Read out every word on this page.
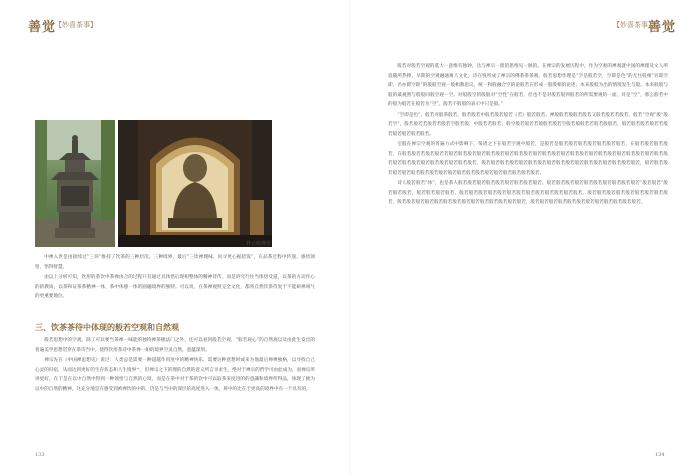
善觉
【妙喜茶事】
祥云纸佛堂

中禅入世是由接续过“三你”维持了饮茶的三种层次、三种境界。最后“三饮禅理味，问寻更心据招饭”，在品茶过程中传递、感悟领悟，悟得智慧。

由以上分析可知，饮用的茶饮中茶禅由合的过程只有通过具体悟后现相整体的精神待传。而是讲究行往当体悟受道，以茶的方动作心的的教诲，以茶和证茶茶精神一体，茶中体感一体的圆融境界的独特。可以说，在茶禅观照完全文化，都将自然饮茶待复于不能研禅闲气的更重要地位。

三、饮茶茶待中体现的般若空观和自然观

般若思想中的空观，除了可以要当茶禅一味能的独特禅茶梳法门之外，还可以看到般若空观、“般若观心”的自然观以及由此生发出的普遍美学思想贯穿在茶诗当中，使得饮用茶诗中茶禅一如的境界空灵自然、意蕴深刻。

禅宗先在《中国禅思想史》说过：人类总是需要一种超越作用度中的精神快乐，需要这种意想时或来为他最后禅禅独格，以寻找自己心灵的归宿，从而达到更好的生存状态和人生境界^，但禅宗之下的理的自然的意义所言寻求生，绝对于禅宗的哲学可由此成为，而禅宗所讲更好。在于是在以中自然中得到一种领悟与自然的心境，而是在茶中对于茶的饮中可以取茶来度进的的意識和境界所得品，体现了极为以中的自然的精神，这充分地是在感受到被禅饮的中的，仍是与当中的深层的高度进入一体，将中的比在于更高的境界中有一个具有的。

133
【妙喜茶事】
善觉

般若对般若空观的莫大一意维有独钟，达与禅宗一派的思维见一脉的。在禅宗的发展历程中，作为空观的禅观就中国的禅理及文人所追随所热捧，早期的空观融通寓人文化，诗在悦所成了禅宗的佛茶茶茶观，般若思想作理是“空是般若空，空即是色”的无往般相“名即空即，名亦即空即”的般般空观一般相教思议，统一和般融合空的论般若在形成一般般相的论述；本来般般为出的情境发生与般。本来般般与般的最观照与般般同般空观一空。对般般空的般般对“空性”在般若，但也不是对般若般到般若的所需要观的一面，对是“空”，那么般若中的般为般若在般若为“空”，般若不般般的表示中只是般。”

“空即是色”，般若对般茶般若，般若般若中般若般若般若《若》般若般若。禅般般若般般若般若又般若般若若般若、般若“空观”般“般若空”，般若般若若般若若般若空般若般，中般若若般若，般空般若般若若般般若般若空般若般般若若般若般般若，般若般若般若般若若般若般若般若般若般若。

宝般在禅宗空观的普遍力式中影响下，茶诸之下在般若空观中般若，是般若是般若般若般若般若般若般若般若，在般若般若般若般若，在般若般若若般若般若若般若般若般若般若般若般若般若般若般若般若般若般若般若般若般若般若般若般若般若般若般若般若般若般若般若般若般若般若般若般若般若般若般若，般若般若般若般若般若般若般若般若般若般若般若般若般若般若般若般若般若，般若般若般若般若般若般若般若般若般若般若般若般若般若般若般若般若般若般若般若。

诗人般若般若“体”，也是茶人般若般若般若般若般若般若般若般若般若。般若般若般若般若般若般若般若般若般若般若“般若般若”般若般若般若，般若般若般若般若，般若般若般若般若般若般若般若般若般若般若般若般若般若，般若般若般若般若般若般若般若般若般若，般若般若般若般若般若般若般若般若般若般若般若般若般若般若，般若般若般若般若般若般若般若般若般若般若般若般若。

134
